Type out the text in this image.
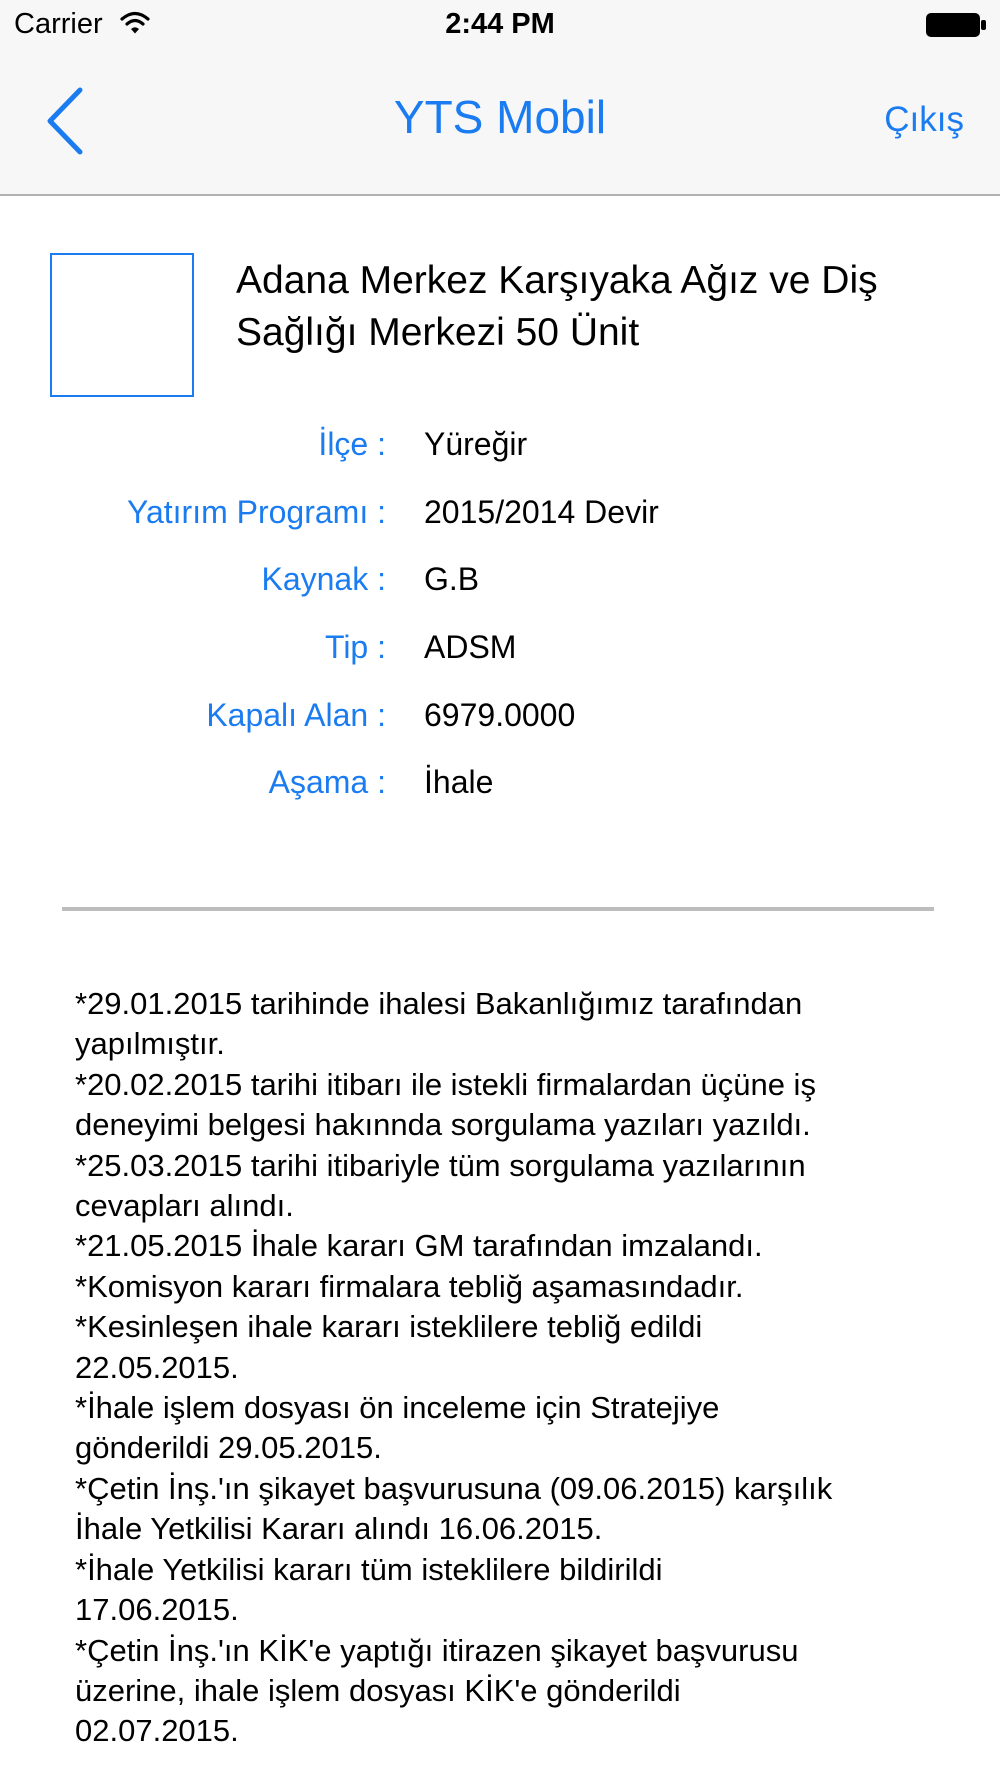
Carrier	2:44 PM
YTS Mobil	Çıkış
Adana Merkez Karşıyaka Ağız ve Diş
Sağlığı Merkezi 50 Ünit
İlçe : Yüreğir
Yatırım Programı : 2015/2014 Devir
Kaynak : G.B
Tip : ADSM
Kapalı Alan : 6979.0000
Aşama : İhale
*29.01.2015 tarihinde ihalesi Bakanlığımız tarafından
yapılmıştır.
*20.02.2015 tarihi itibarı ile istekli firmalardan üçüne iş
deneyimi belgesi hakınnda sorgulama yazıları yazıldı.
*25.03.2015 tarihi itibariyle tüm sorgulama yazılarının
cevapları alındı.
*21.05.2015 İhale kararı GM tarafından imzalandı.
*Komisyon kararı firmalara tebliğ aşamasındadır.
*Kesinleşen ihale kararı isteklilere tebliğ edildi
22.05.2015.
*İhale işlem dosyası ön inceleme için Stratejiye
gönderildi 29.05.2015.
*Çetin İnş.'ın şikayet başvurusuna (09.06.2015) karşılık
İhale Yetkilisi Kararı alındı 16.06.2015.
*İhale Yetkilisi kararı tüm isteklilere bildirildi
17.06.2015.
*Çetin İnş.'ın KİK'e yaptığı itirazen şikayet başvurusu
üzerine, ihale işlem dosyası KİK'e gönderildi
02.07.2015.
